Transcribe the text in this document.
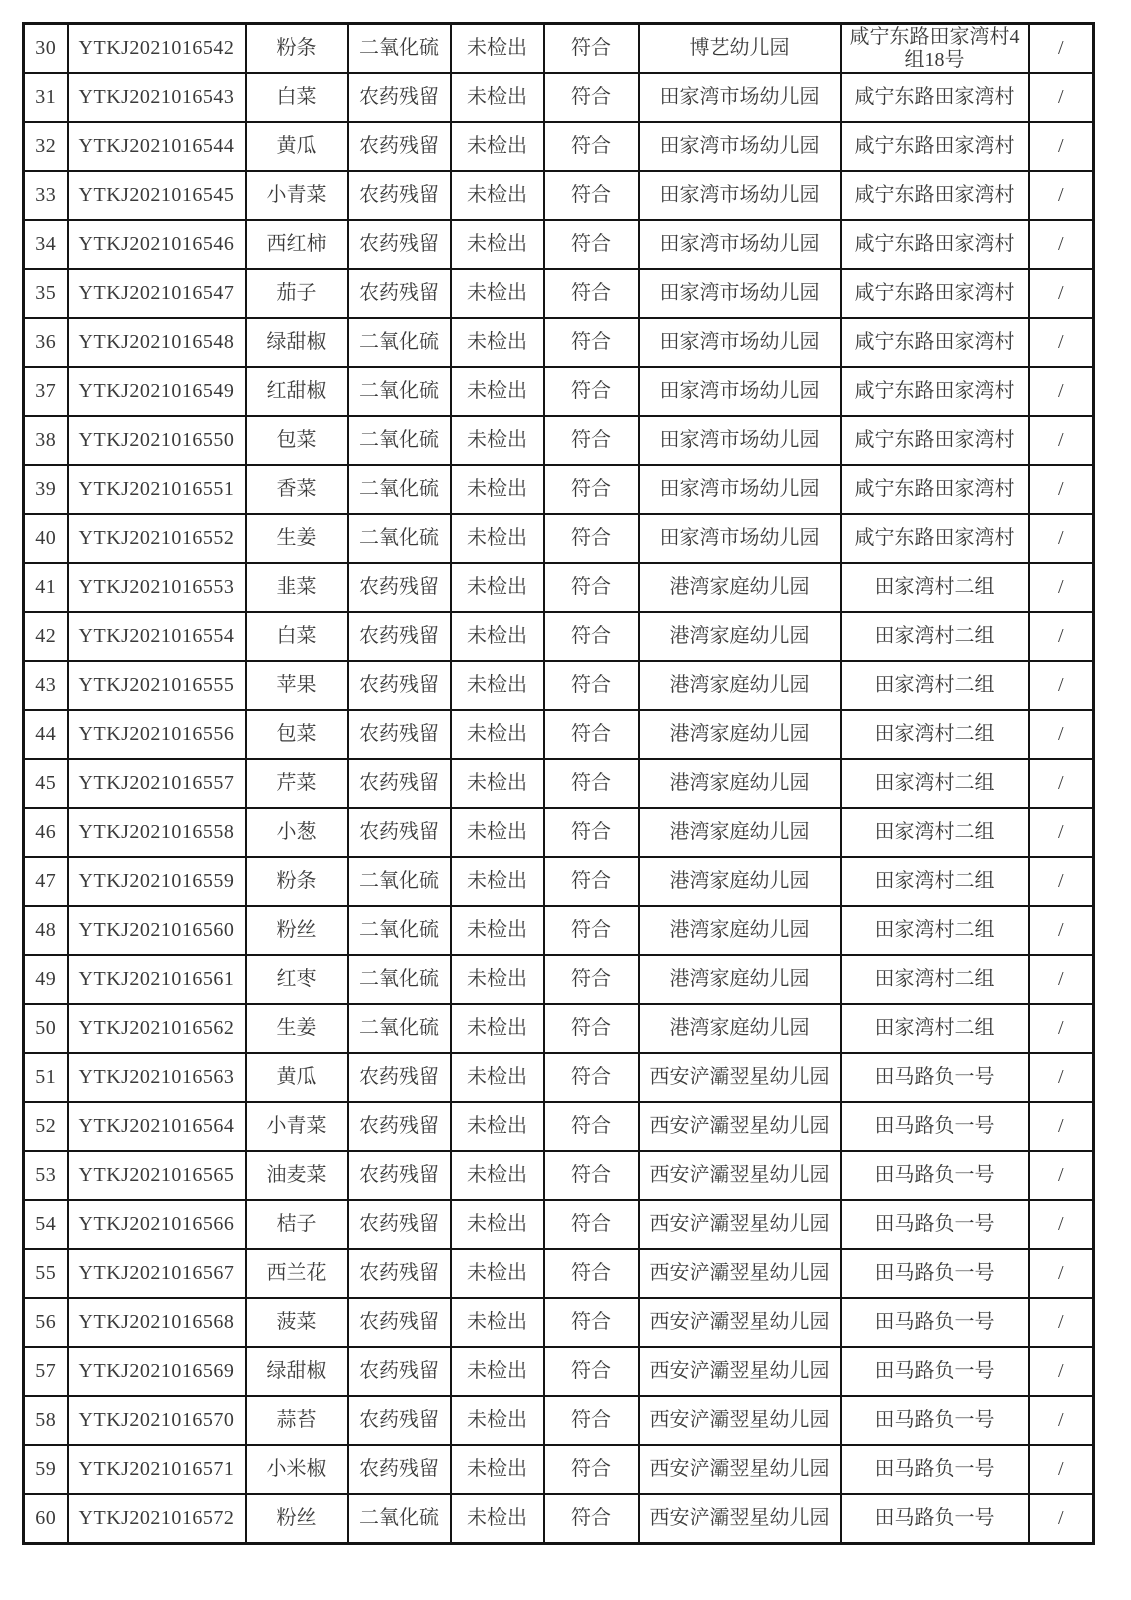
30	YTKJ2021016542	粉条	二氧化硫	未检出	符合	博艺幼儿园	咸宁东路田家湾村4组18号	/
31	YTKJ2021016543	白菜	农药残留	未检出	符合	田家湾市场幼儿园	咸宁东路田家湾村	/
32	YTKJ2021016544	黄瓜	农药残留	未检出	符合	田家湾市场幼儿园	咸宁东路田家湾村	/
33	YTKJ2021016545	小青菜	农药残留	未检出	符合	田家湾市场幼儿园	咸宁东路田家湾村	/
34	YTKJ2021016546	西红柿	农药残留	未检出	符合	田家湾市场幼儿园	咸宁东路田家湾村	/
35	YTKJ2021016547	茄子	农药残留	未检出	符合	田家湾市场幼儿园	咸宁东路田家湾村	/
36	YTKJ2021016548	绿甜椒	二氧化硫	未检出	符合	田家湾市场幼儿园	咸宁东路田家湾村	/
37	YTKJ2021016549	红甜椒	二氧化硫	未检出	符合	田家湾市场幼儿园	咸宁东路田家湾村	/
38	YTKJ2021016550	包菜	二氧化硫	未检出	符合	田家湾市场幼儿园	咸宁东路田家湾村	/
39	YTKJ2021016551	香菜	二氧化硫	未检出	符合	田家湾市场幼儿园	咸宁东路田家湾村	/
40	YTKJ2021016552	生姜	二氧化硫	未检出	符合	田家湾市场幼儿园	咸宁东路田家湾村	/
41	YTKJ2021016553	韭菜	农药残留	未检出	符合	港湾家庭幼儿园	田家湾村二组	/
42	YTKJ2021016554	白菜	农药残留	未检出	符合	港湾家庭幼儿园	田家湾村二组	/
43	YTKJ2021016555	苹果	农药残留	未检出	符合	港湾家庭幼儿园	田家湾村二组	/
44	YTKJ2021016556	包菜	农药残留	未检出	符合	港湾家庭幼儿园	田家湾村二组	/
45	YTKJ2021016557	芹菜	农药残留	未检出	符合	港湾家庭幼儿园	田家湾村二组	/
46	YTKJ2021016558	小葱	农药残留	未检出	符合	港湾家庭幼儿园	田家湾村二组	/
47	YTKJ2021016559	粉条	二氧化硫	未检出	符合	港湾家庭幼儿园	田家湾村二组	/
48	YTKJ2021016560	粉丝	二氧化硫	未检出	符合	港湾家庭幼儿园	田家湾村二组	/
49	YTKJ2021016561	红枣	二氧化硫	未检出	符合	港湾家庭幼儿园	田家湾村二组	/
50	YTKJ2021016562	生姜	二氧化硫	未检出	符合	港湾家庭幼儿园	田家湾村二组	/
51	YTKJ2021016563	黄瓜	农药残留	未检出	符合	西安浐灞翌星幼儿园	田马路负一号	/
52	YTKJ2021016564	小青菜	农药残留	未检出	符合	西安浐灞翌星幼儿园	田马路负一号	/
53	YTKJ2021016565	油麦菜	农药残留	未检出	符合	西安浐灞翌星幼儿园	田马路负一号	/
54	YTKJ2021016566	桔子	农药残留	未检出	符合	西安浐灞翌星幼儿园	田马路负一号	/
55	YTKJ2021016567	西兰花	农药残留	未检出	符合	西安浐灞翌星幼儿园	田马路负一号	/
56	YTKJ2021016568	菠菜	农药残留	未检出	符合	西安浐灞翌星幼儿园	田马路负一号	/
57	YTKJ2021016569	绿甜椒	农药残留	未检出	符合	西安浐灞翌星幼儿园	田马路负一号	/
58	YTKJ2021016570	蒜苔	农药残留	未检出	符合	西安浐灞翌星幼儿园	田马路负一号	/
59	YTKJ2021016571	小米椒	农药残留	未检出	符合	西安浐灞翌星幼儿园	田马路负一号	/
60	YTKJ2021016572	粉丝	二氧化硫	未检出	符合	西安浐灞翌星幼儿园	田马路负一号	/
